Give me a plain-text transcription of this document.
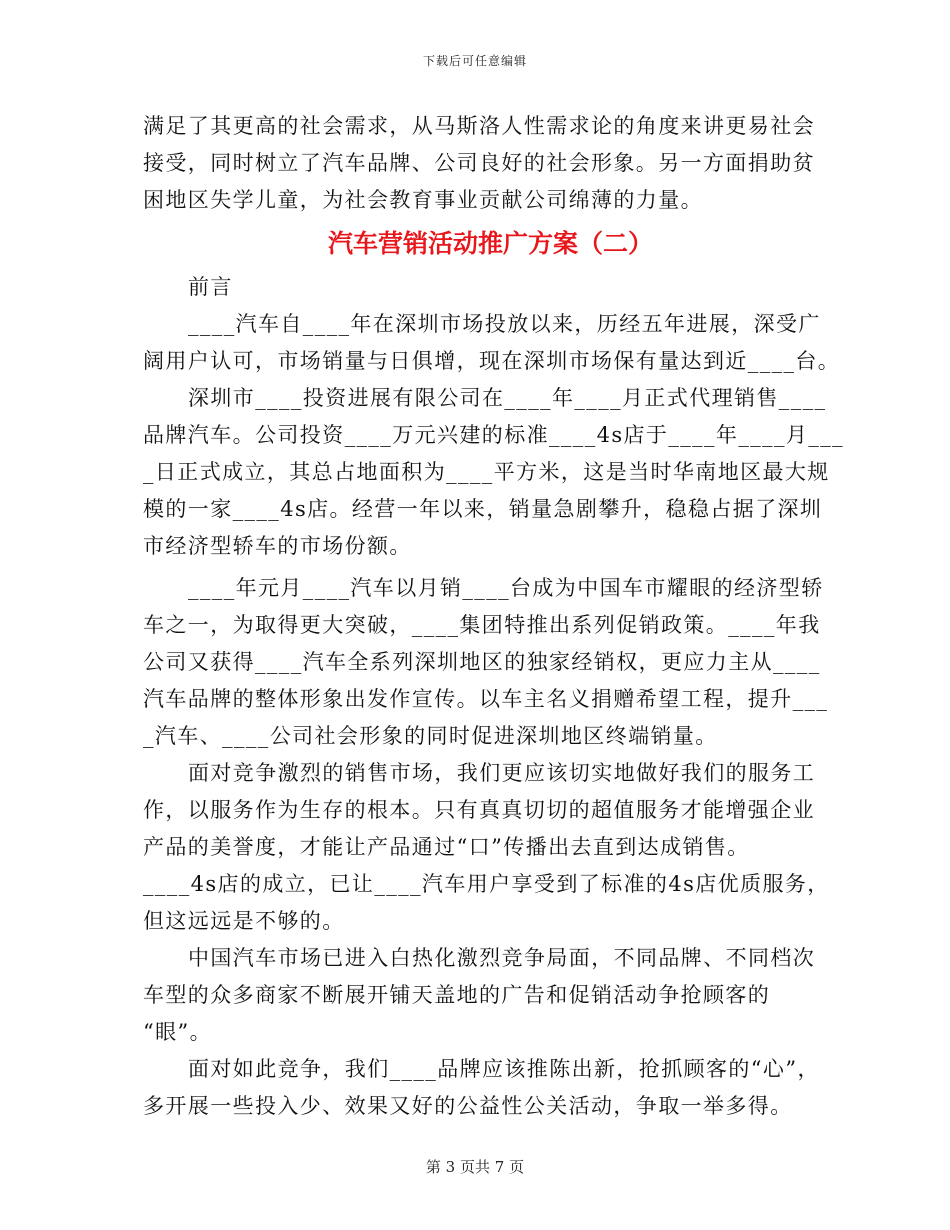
下载后可任意编辑
满足了其更高的社会需求，从马斯洛人性需求论的角度来讲更易社会
接受，同时树立了汽车品牌、公司良好的社会形象。另一方面捐助贫
困地区失学儿童，为社会教育事业贡献公司绵薄的力量。
汽车营销活动推广方案（二）
前言
____汽车自____年在深圳市场投放以来，历经五年进展，深受广
阔用户认可，市场销量与日俱增，现在深圳市场保有量达到近____台。
深圳市____投资进展有限公司在____年____月正式代理销售____
品牌汽车。公司投资____万元兴建的标准____4s店于____年____月___
_日正式成立，其总占地面积为____平方米，这是当时华南地区最大规
模的一家____4s店。经营一年以来，销量急剧攀升，稳稳占据了深圳
市经济型轿车的市场份额。
____年元月____汽车以月销____台成为中国车市耀眼的经济型轿
车之一，为取得更大突破，____集团特推出系列促销政策。____年我
公司又获得____汽车全系列深圳地区的独家经销权，更应力主从____
汽车品牌的整体形象出发作宣传。以车主名义捐赠希望工程，提升___
_汽车、____公司社会形象的同时促进深圳地区终端销量。
面对竞争激烈的销售市场，我们更应该切实地做好我们的服务工
作，以服务作为生存的根本。只有真真切切的超值服务才能增强企业
产品的美誉度，才能让产品通过“口”传播出去直到达成销售。
____4s店的成立，已让____汽车用户享受到了标准的4s店优质服务，
但这远远是不够的。
中国汽车市场已进入白热化激烈竞争局面，不同品牌、不同档次
车型的众多商家不断展开铺天盖地的广告和促销活动争抢顾客的
“眼”。
面对如此竞争，我们____品牌应该推陈出新，抢抓顾客的“心”，
多开展一些投入少、效果又好的公益性公关活动，争取一举多得。
第 3 页共 7 页
